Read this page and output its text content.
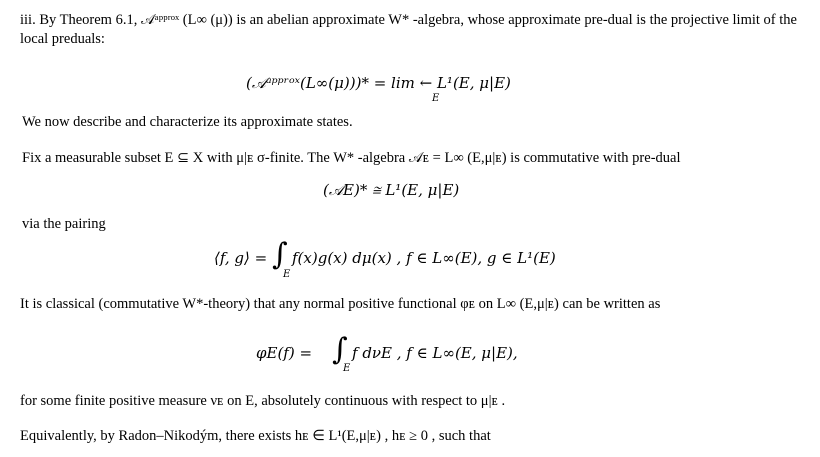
iii. By Theorem 6.1, 𝒜ᵃᵖᵖʳᵒˣ (L∞ (μ)) is an abelian approximate W* -algebra, whose approximate pre-dual is the projective limit of the
local preduals:
(𝒜ᵃᵖᵖʳᵒˣ(L∞(μ)))* = lim ← L¹(E, μ|E)
E
We now describe and characterize its approximate states.
Fix a measurable subset E ⊆ X with μ|ᴇ σ-finite. The W* -algebra 𝒜ᴇ = L∞ (E,μ|ᴇ) is commutative with pre-dual
(𝒜E)* ≅ L¹(E, μ|E)
via the pairing
⟨f, g⟩ = ∫ f(x)g(x) dμ(x) , f ∈ L∞(E), g ∈ L¹(E)
E
It is classical (commutative W*-theory) that any normal positive functional φᴇ on L∞ (E,μ|ᴇ) can be written as
φE(f) = ∫ f dνE , f ∈ L∞(E, μ|E),
E
for some finite positive measure νᴇ on E, absolutely continuous with respect to μ|ᴇ .
Equivalently, by Radon–Nikodým, there exists hᴇ ∈ L¹(E,μ|ᴇ) , hᴇ ≥ 0 , such that
